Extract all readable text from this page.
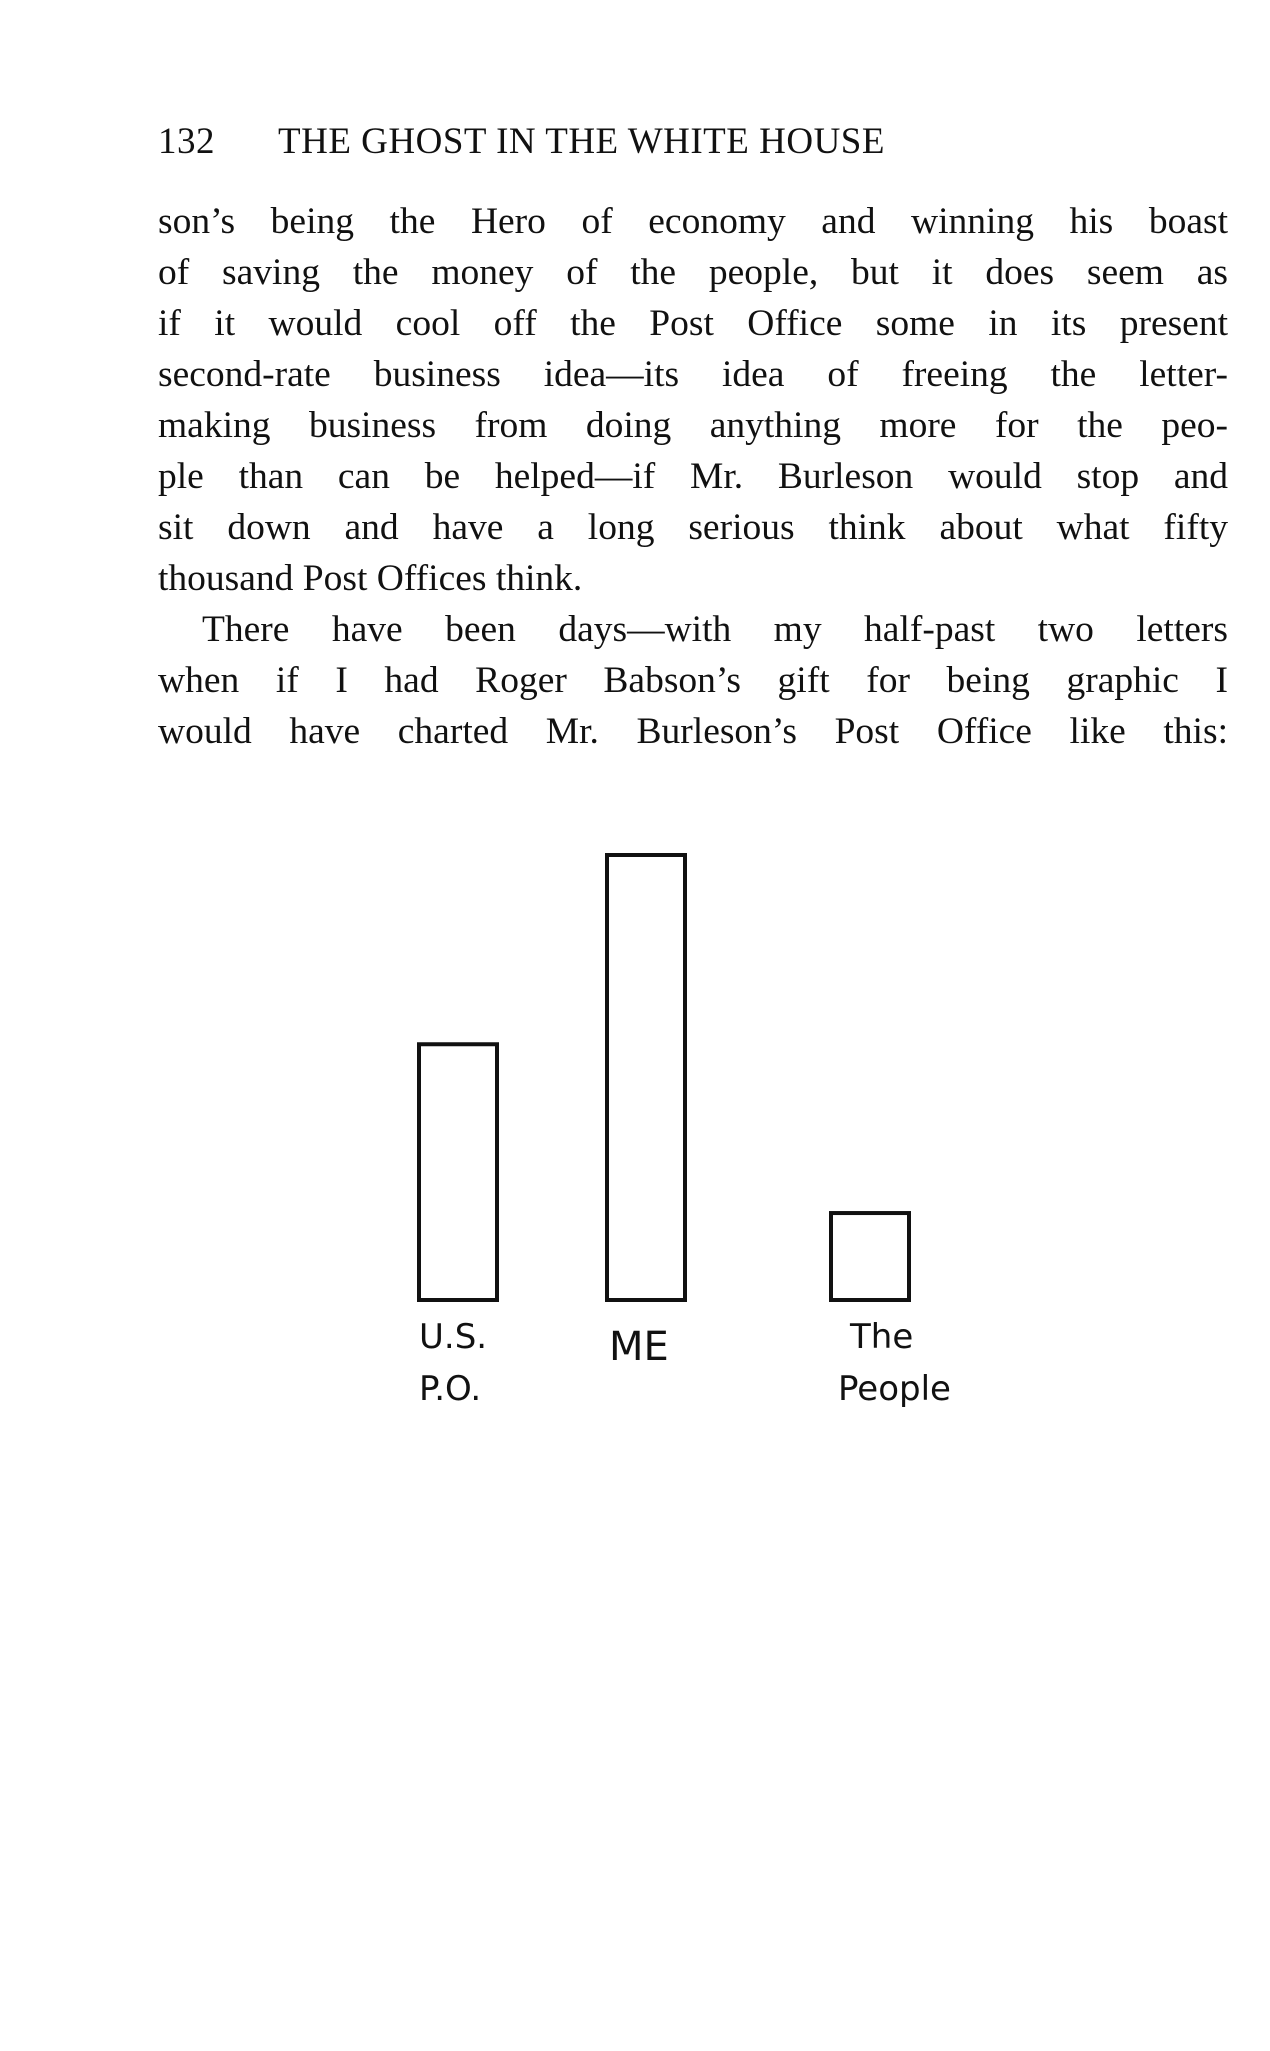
132 THE GHOST IN THE WHITE HOUSE
son’s being the Hero of economy and winning his boast
of saving the money of the people, but it does seem as
if it would cool off the Post Office some in its present
second-rate business idea—its idea of freeing the letter-
making business from doing anything more for the peo-
ple than can be helped—if Mr. Burleson would stop and
sit down and have a long serious think about what fifty
thousand Post Offices think.
There have been days—with my half-past two letters
when if I had Roger Babson’s gift for being graphic I
would have charted Mr. Burleson’s Post Office like this:
U.S.
P.O.
ME	The
People
